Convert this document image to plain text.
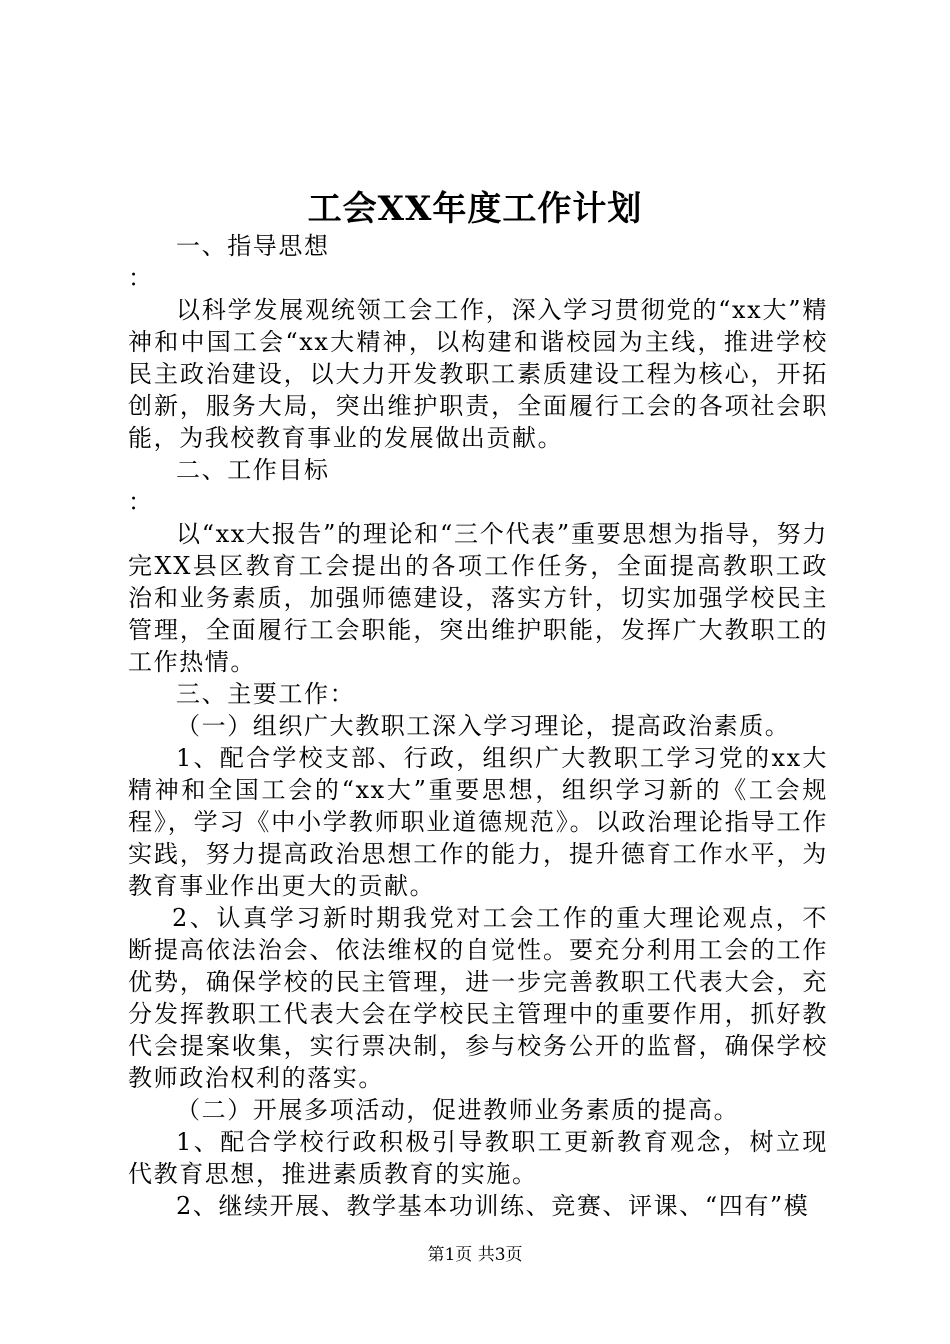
工会XX年度工作计划

一、指导思想

：

以科学发展观统领工会工作，深入学习贯彻党的“xx大”精神和中国工会“xx大精神，以构建和谐校园为主线，推进学校民主政治建设，以大力开发教职工素质建设工程为核心，开拓创新，服务大局，突出维护职责，全面履行工会的各项社会职能，为我校教育事业的发展做出贡献。

二、工作目标

：

以“xx大报告”的理论和“三个代表”重要思想为指导，努力完XX县区教育工会提出的各项工作任务，全面提高教职工政治和业务素质，加强师德建设，落实方针，切实加强学校民主管理，全面履行工会职能，突出维护职能，发挥广大教职工的工作热情。

三、主要工作：

（一）组织广大教职工深入学习理论，提高政治素质。

1、配合学校支部、行政，组织广大教职工学习党的xx大精神和全国工会的“xx大”重要思想，组织学习新的《工会规程》，学习《中小学教师职业道德规范》。以政治理论指导工作实践，努力提高政治思想工作的能力，提升德育工作水平，为教育事业作出更大的贡献。

2、认真学习新时期我党对工会工作的重大理论观点，不断提高依法治会、依法维权的自觉性。要充分利用工会的工作优势，确保学校的民主管理，进一步完善教职工代表大会，充分发挥教职工代表大会在学校民主管理中的重要作用，抓好教代会提案收集，实行票决制，参与校务公开的监督，确保学校教师政治权利的落实。

（二）开展多项活动，促进教师业务素质的提高。

1、配合学校行政积极引导教职工更新教育观念，树立现代教育思想，推进素质教育的实施。

2、继续开展、教学基本功训练、竞赛、评课、“四有”模

第1页 共3页
